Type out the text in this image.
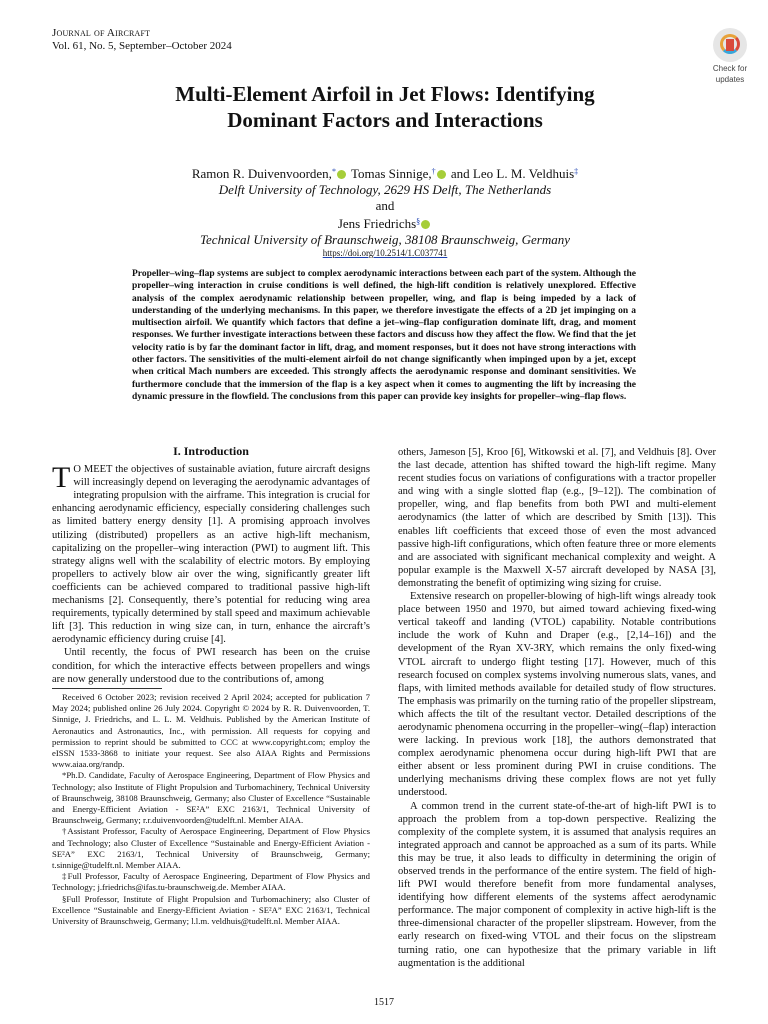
Journal of Aircraft
Vol. 61, No. 5, September–October 2024
Check for
updates
Multi-Element Airfoil in Jet Flows: Identifying
Dominant Factors and Interactions
Ramon R. Duivenvoorden,* Tomas Sinnige,† and Leo L. M. Veldhuis‡
Delft University of Technology, 2629 HS Delft, The Netherlands
and
Jens Friedrichs§
Technical University of Braunschweig, 38108 Braunschweig, Germany
https://doi.org/10.2514/1.C037741
Propeller–wing–flap systems are subject to complex aerodynamic interactions between each part of the system. Although the propeller–wing interaction in cruise conditions is well defined, the high-lift condition is relatively unexplored. Effective analysis of the complex aerodynamic relationship between propeller, wing, and flap is being impeded by a lack of understanding of the underlying mechanisms. In this paper, we therefore investigate the effects of a 2D jet impinging on a multisection airfoil. We quantify which factors that define a jet–wing–flap configuration dominate lift, drag, and moment responses. We further investigate interactions between these factors and discuss how they affect the flow. We find that the jet velocity ratio is by far the dominant factor in lift, drag, and moment responses, but it does not have strong interactions with other factors. The sensitivities of the multi-element airfoil do not change significantly when impinged upon by a jet, except when critical Mach numbers are exceeded. This strongly affects the aerodynamic response and dominant sensitivities. We furthermore conclude that the immersion of the flap is a key aspect when it comes to augmenting the lift by increasing the dynamic pressure in the flowfield. The conclusions from this paper can provide key insights for propeller–wing–flap flows.
I. Introduction

T O MEET the objectives of sustainable aviation, future aircraft designs will increasingly depend on leveraging the aerodynamic advantages of integrating propulsion with the airframe. This integration is crucial for enhancing aerodynamic efficiency, especially considering challenges such as limited battery energy density [1]. A promising approach involves utilizing (distributed) propellers as an active high-lift mechanism, capitalizing on the propeller–wing interaction (PWI) to augment lift. This strategy aligns well with the scalability of electric motors. By employing propellers to actively blow air over the wing, significantly greater lift coefficients can be achieved compared to traditional passive high-lift mechanisms [2]. Consequently, there’s potential for reducing wing area requirements, typically determined by stall speed and maximum achievable lift [3]. This reduction in wing size can, in turn, enhance the aircraft’s aerodynamic efficiency during cruise [4].

Until recently, the focus of PWI research has been on the cruise condition, for which the interactive effects between propellers and wings are now generally understood due to the contributions of, among

Received 6 October 2023; revision received 2 April 2024; accepted for publication 7 May 2024; published online 26 July 2024. Copyright © 2024 by R. R. Duivenvoorden, T. Sinnige, J. Friedrichs, and L. L. M. Veldhuis. Published by the American Institute of Aeronautics and Astronautics, Inc., with permission. All requests for copying and permission to reprint should be submitted to CCC at www.copyright.com; employ the eISSN 1533-3868 to initiate your request. See also AIAA Rights and Permissions www.aiaa.org/randp.

*Ph.D. Candidate, Faculty of Aerospace Engineering, Department of Flow Physics and Technology; also Institute of Flight Propulsion and Turbomachinery, Technical University of Braunschweig, 38108 Braunschweig, Germany; also Cluster of Excellence “Sustainable and Energy-Efficient Aviation - SE²A” EXC 2163/1, Technical University of Braunschweig, Germany; r.r.duivenvoorden@tudelft.nl. Member AIAA.

†Assistant Professor, Faculty of Aerospace Engineering, Department of Flow Physics and Technology; also Cluster of Excellence “Sustainable and Energy-Efficient Aviation - SE²A” EXC 2163/1, Technical University of Braunschweig, Germany; t.sinnige@tudelft.nl. Member AIAA.

‡Full Professor, Faculty of Aerospace Engineering, Department of Flow Physics and Technology; j.friedrichs@ifas.tu-braunschweig.de. Member AIAA.

§Full Professor, Institute of Flight Propulsion and Turbomachinery; also Cluster of Excellence “Sustainable and Energy-Efficient Aviation - SE²A” EXC 2163/1, Technical University of Braunschweig, Germany; l.l.m. veldhuis@tudelft.nl. Member AIAA.

others, Jameson [5], Kroo [6], Witkowski et al. [7], and Veldhuis [8]. Over the last decade, attention has shifted toward the high-lift regime. Many recent studies focus on variations of configurations with a tractor propeller and wing with a single slotted flap (e.g., [9–12]). The combination of propeller, wing, and flap benefits from both PWI and multi-element aerodynamics (the latter of which are described by Smith [13]). This enables lift coefficients that exceed those of even the most advanced passive high-lift configurations, which often feature three or more elements and are associated with significant mechanical complexity and weight. A popular example is the Maxwell X-57 aircraft developed by NASA [3], demonstrating the benefit of optimizing wing sizing for cruise.

Extensive research on propeller-blowing of high-lift wings already took place between 1950 and 1970, but aimed toward achieving fixed-wing vertical takeoff and landing (VTOL) capability. Notable contributions include the work of Kuhn and Draper (e.g., [2,14–16]) and the development of the Ryan XV-3RY, which remains the only fixed-wing VTOL aircraft to undergo flight testing [17]. However, much of this research focused on complex systems involving numerous slats, vanes, and flaps, with limited methods available for detailed study of flow structures. The emphasis was primarily on the turning ratio of the propeller slipstream, which affects the tilt of the resultant vector. Detailed descriptions of the aerodynamic phenomena occurring in the propeller–wing(–flap) interaction were lacking. In previous work [18], the authors demonstrated that complex aerodynamic phenomena occur during high-lift PWI that are either absent or less prominent during PWI in cruise conditions. The underlying mechanisms driving these complex flows are not yet fully understood.

A common trend in the current state-of-the-art of high-lift PWI is to approach the problem from a top-down perspective. Realizing the complexity of the complete system, it is assumed that analysis requires an integrated approach and cannot be approached as a sum of its parts. While this may be true, it also leads to difficulty in determining the origin of observed trends in the performance of the entire system. The field of high-lift PWI would therefore benefit from more fundamental analyses, identifying how different elements of the systems affect aerodynamic performance. The major component of complexity in active high-lift is the three-dimensional character of the propeller slipstream. However, from the early research on fixed-wing VTOL and their focus on the slipstream turning ratio, one can hypothesize that the primary variable in lift augmentation is the additional

1517
